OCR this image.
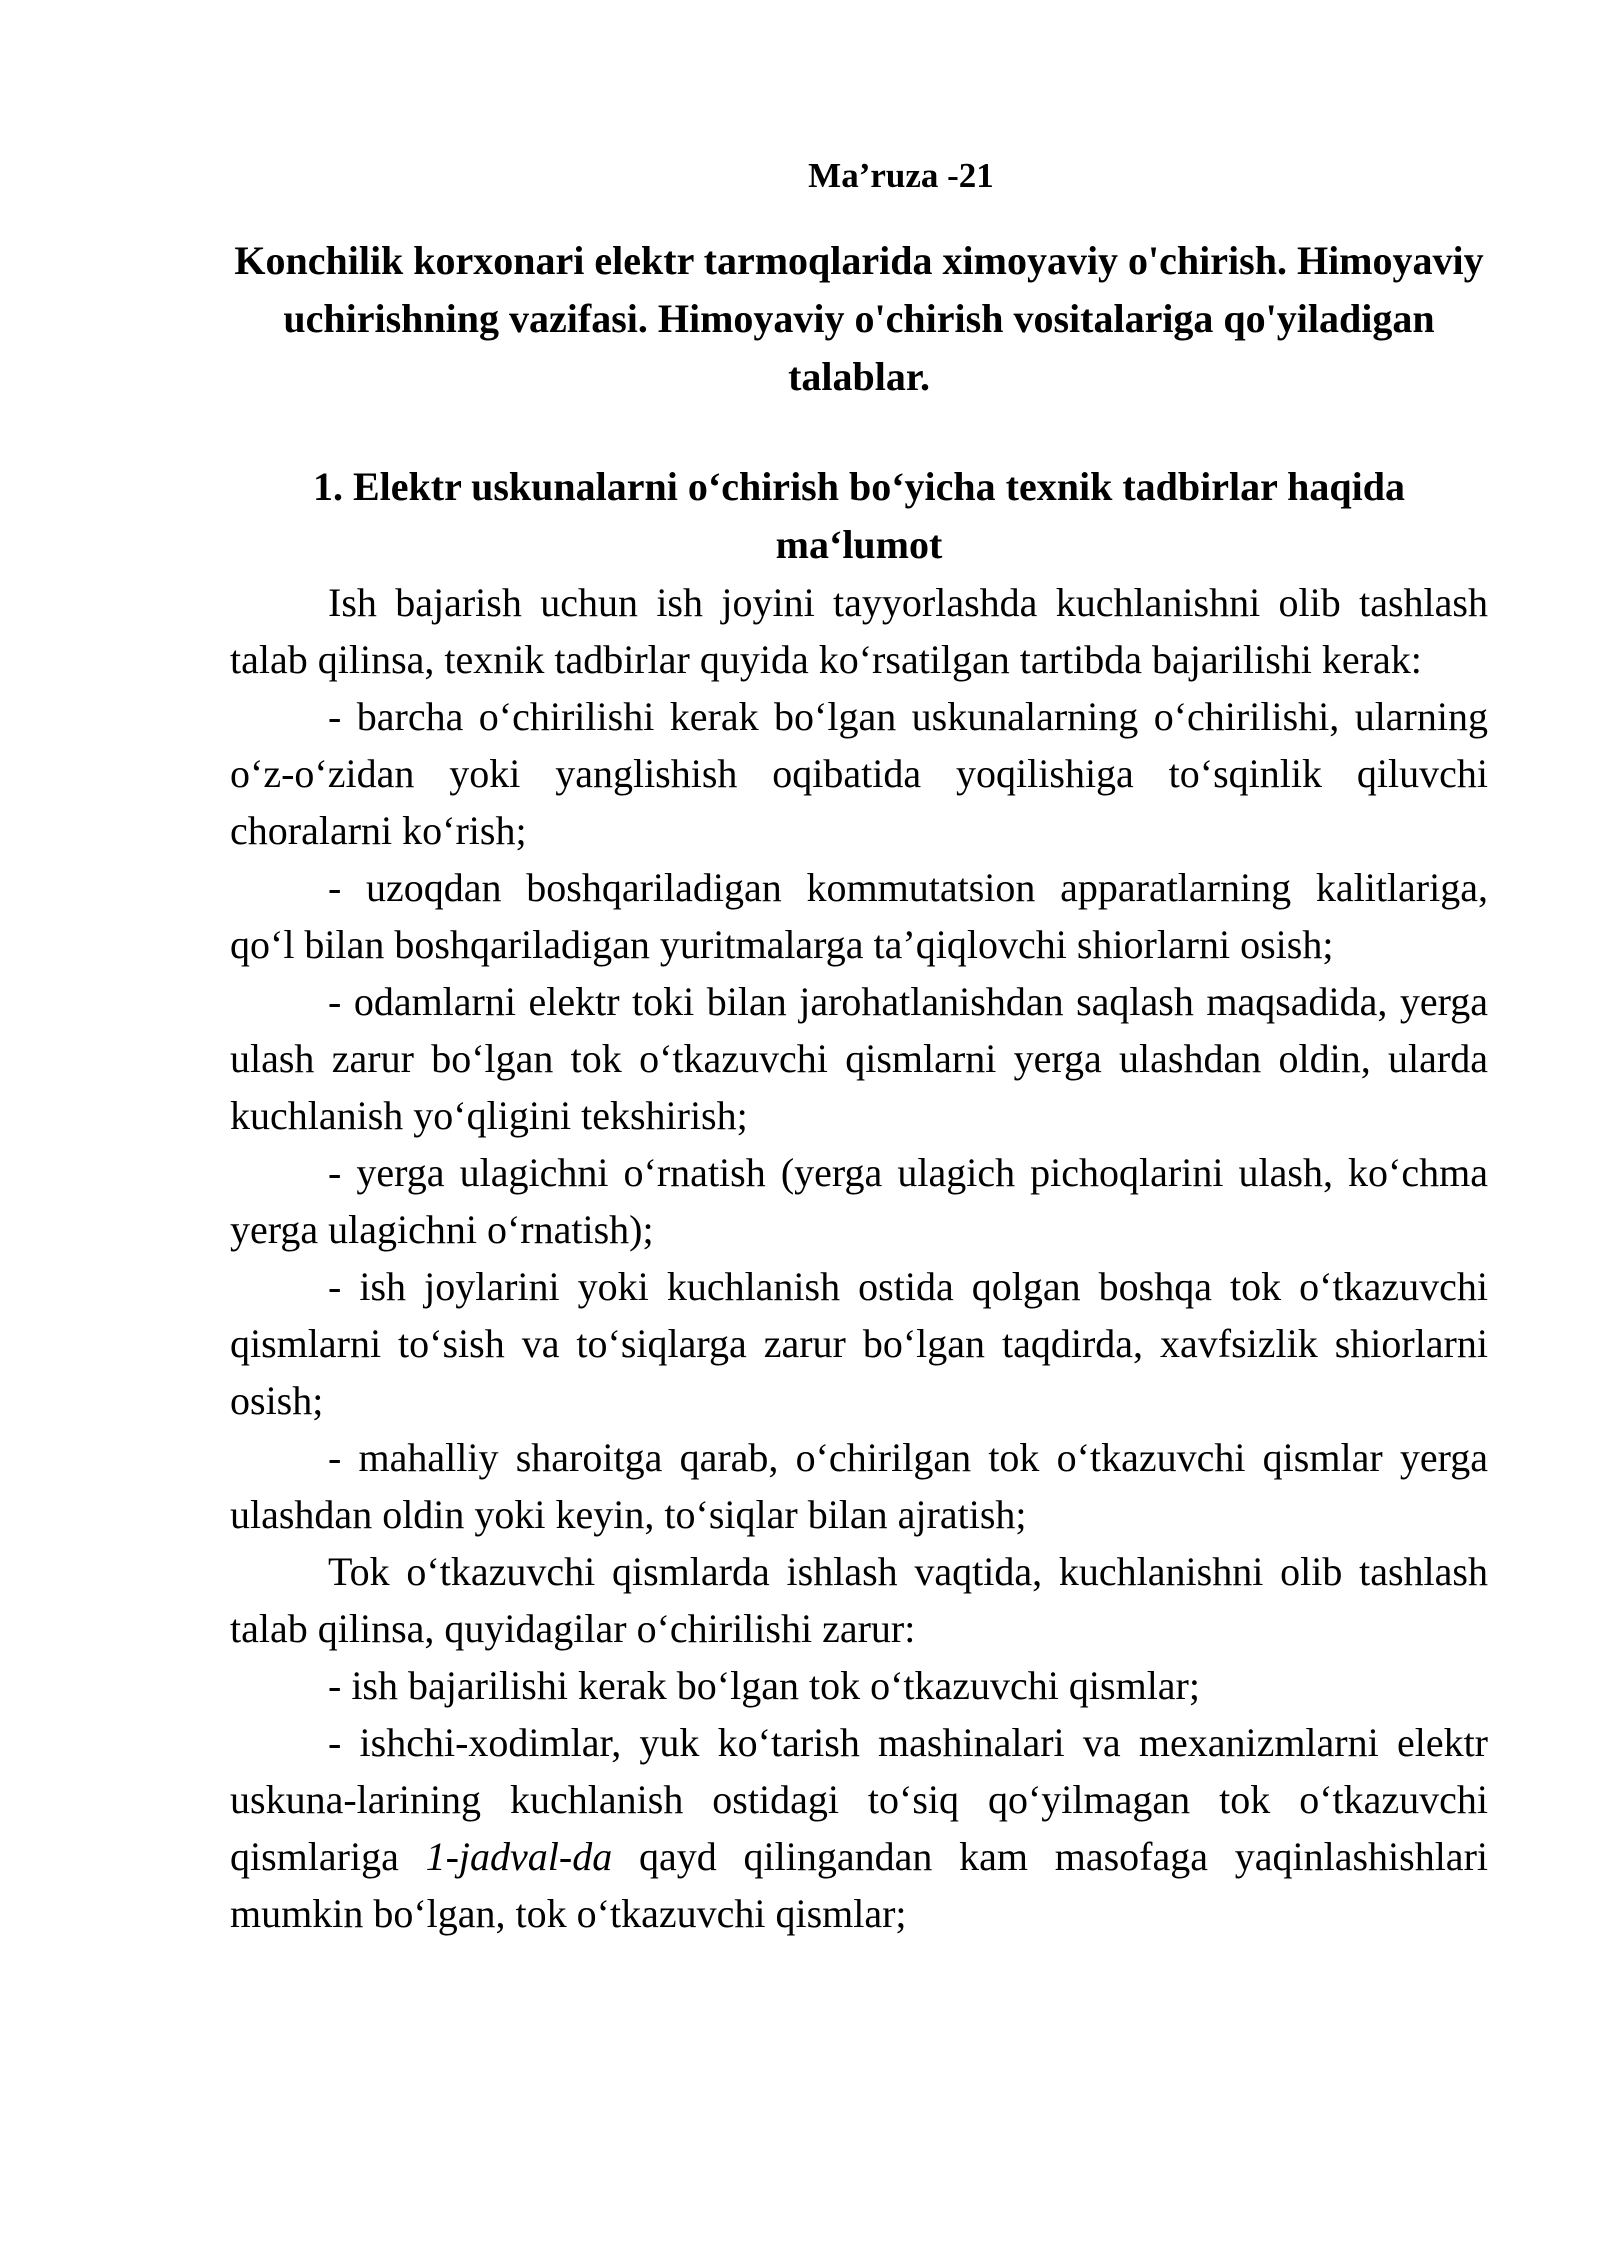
Ma’ruza -21

Konchilik korxonari elektr tarmoqlarida ximoyaviy o'chirish. Himoyaviy uchirishning vazifasi. Himoyaviy o'chirish vositalariga qo'yiladigan talablar.

1. Elektr uskunalarni o‘chirish bo‘yicha texnik tadbirlar haqida ma‘lumot

Ish bajarish uchun ish joyini tayyorlashda kuchlanishni olib tashlash talab qilinsa, texnik tadbirlar quyida ko‘rsatilgan tartibda bajarilishi kerak:

- barcha o‘chirilishi kerak bo‘lgan uskunalarning o‘chirilishi, ularning o‘z-o‘zidan yoki yanglishish oqibatida yoqilishiga to‘sqinlik qiluvchi choralarni ko‘rish;

- uzoqdan boshqariladigan kommutatsion apparatlarning kalitlariga, qo‘l bilan boshqariladigan yuritmalarga ta’qiqlovchi shiorlarni osish;

- odamlarni elektr toki bilan jarohatlanishdan saqlash maqsadida, yerga ulash zarur bo‘lgan tok o‘tkazuvchi qismlarni yerga ulashdan oldin, ularda kuchlanish yo‘qligini tekshirish;

- yerga ulagichni o‘rnatish (yerga ulagich pichoqlarini ulash, ko‘chma yerga ulagichni o‘rnatish);

- ish joylarini yoki kuchlanish ostida qolgan boshqa tok o‘tkazuvchi qismlarni to‘sish va to‘siqlarga zarur bo‘lgan taqdirda, xavfsizlik shiorlarni osish;

- mahalliy sharoitga qarab, o‘chirilgan tok o‘tkazuvchi qismlar yerga ulashdan oldin yoki keyin, to‘siqlar bilan ajratish;

Tok o‘tkazuvchi qismlarda ishlash vaqtida, kuchlanishni olib tashlash talab qilinsa, quyidagilar o‘chirilishi zarur:

- ish bajarilishi kerak bo‘lgan tok o‘tkazuvchi qismlar;

- ishchi-xodimlar, yuk ko‘tarish mashinalari va mexanizmlarni elektr uskuna-larining kuchlanish ostidagi to‘siq qo‘yilmagan tok o‘tkazuvchi qismlariga 1-jadval-da qayd qilingandan kam masofaga yaqinlashishlari mumkin bo‘lgan, tok o‘tkazuvchi qismlar;
